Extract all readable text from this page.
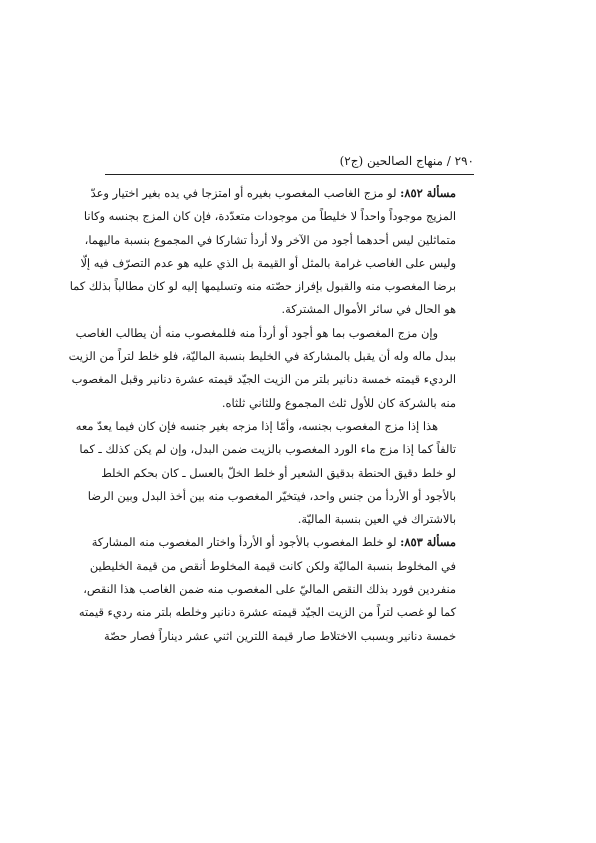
٢٩٠ / منهاج الصالحين (ج٢)
مسألة ٨٥٢: لو مزج الغاصب المغصوب بغيره أو امتزجا في يده بغير اختيار وعدّ
المزيج موجوداً واحداً لا خليطاً من موجودات متعدّدة، فإن كان المزج بجنسه وكانا
متماثلين ليس أحدهما أجود من الآخر ولا أردأ تشاركا في المجموع بنسبة ماليهما،
وليس على الغاصب غرامة بالمثل أو القيمة بل الذي عليه هو عدم التصرّف فيه إلّا
برضا المغصوب منه والقبول بإفراز حصّته منه وتسليمها إليه لو كان مطالباً بذلك كما
هو الحال في سائر الأموال المشتركة.
وإن مزج المغصوب بما هو أجود أو أردأ منه فللمغصوب منه أن يطالب الغاصب
ببدل ماله وله أن يقبل بالمشاركة في الخليط بنسبة الماليّة، فلو خلط لتراً من الزيت
الرديء قيمته خمسة دنانير بلتر من الزيت الجيّد قيمته عشرة دنانير وقبل المغصوب
منه بالشركة كان للأول ثلث المجموع وللثاني ثلثاه.
هذا إذا مزج المغصوب بجنسه، وأمّا إذا مزجه بغير جنسه فإن كان فيما يعدّ معه
تالفاً كما إذا مزج ماء الورد المغصوب بالزيت ضمن البدل، وإن لم يكن كذلك ـ كما
لو خلط دقيق الحنطة بدقيق الشعير أو خلط الخلّ بالعسل ـ كان بحكم الخلط
بالأجود أو الأردأ من جنس واحد، فيتخيّر المغصوب منه بين أخذ البدل وبين الرضا
بالاشتراك في العين بنسبة الماليّة.
مسألة ٨٥٣: لو خلط المغصوب بالأجود أو الأردأ واختار المغصوب منه المشاركة
في المخلوط بنسبة الماليّة ولكن كانت قيمة المخلوط أنقص من قيمة الخليطين
منفردين فورد بذلك النقص الماليّ على المغصوب منه ضمن الغاصب هذا النقص،
كما لو غصب لتراً من الزيت الجيّد قيمته عشرة دنانير وخلطه بلتر منه رديء قيمته
خمسة دنانير وبسبب الاختلاط صار قيمة اللترين اثني عشر ديناراً فصار حصّة
